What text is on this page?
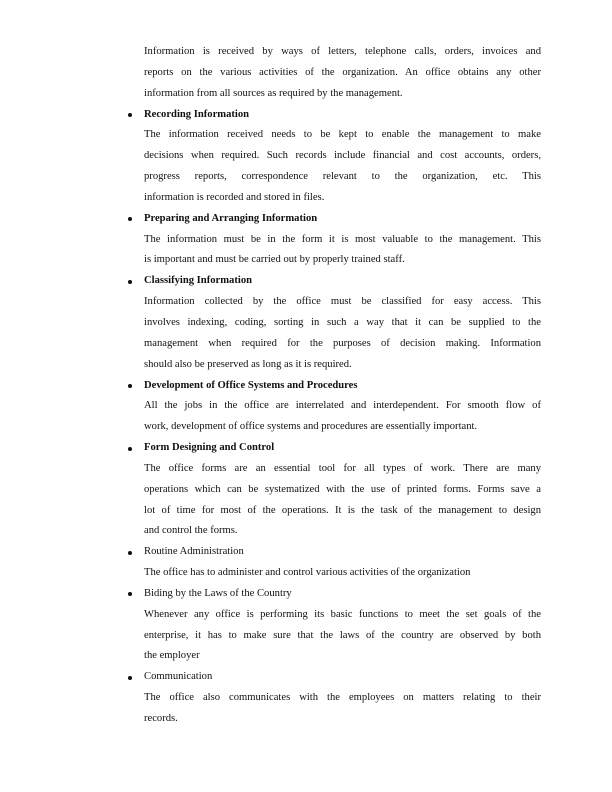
Information is received by ways of letters, telephone calls, orders, invoices and
reports on the various activities of the organization. An office obtains any other
information from all sources as required by the management.
Recording Information
The information received needs to be kept to enable the management to make
decisions when required. Such records include financial and cost accounts, orders,
progress reports, correspondence relevant to the organization, etc. This
information is recorded and stored in files.
Preparing and Arranging Information
The information must be in the form it is most valuable to the management. This
is important and must be carried out by properly trained staff.
Classifying Information
Information collected by the office must be classified for easy access. This
involves indexing, coding, sorting in such a way that it can be supplied to the
management when required for the purposes of decision making. Information
should also be preserved as long as it is required.
Development of Office Systems and Procedures
All the jobs in the office are interrelated and interdependent. For smooth flow of
work, development of office systems and procedures are essentially important.
Form Designing and Control
The office forms are an essential tool for all types of work. There are many
operations which can be systematized with the use of printed forms. Forms save a
lot of time for most of the operations. It is the task of the management to design
and control the forms.
Routine Administration
The office has to administer and control various activities of the organization
Biding by the Laws of the Country
Whenever any office is performing its basic functions to meet the set goals of the
enterprise, it has to make sure that the laws of the country are observed by both
the employer
Communication
The office also communicates with the employees on matters relating to their
records.
